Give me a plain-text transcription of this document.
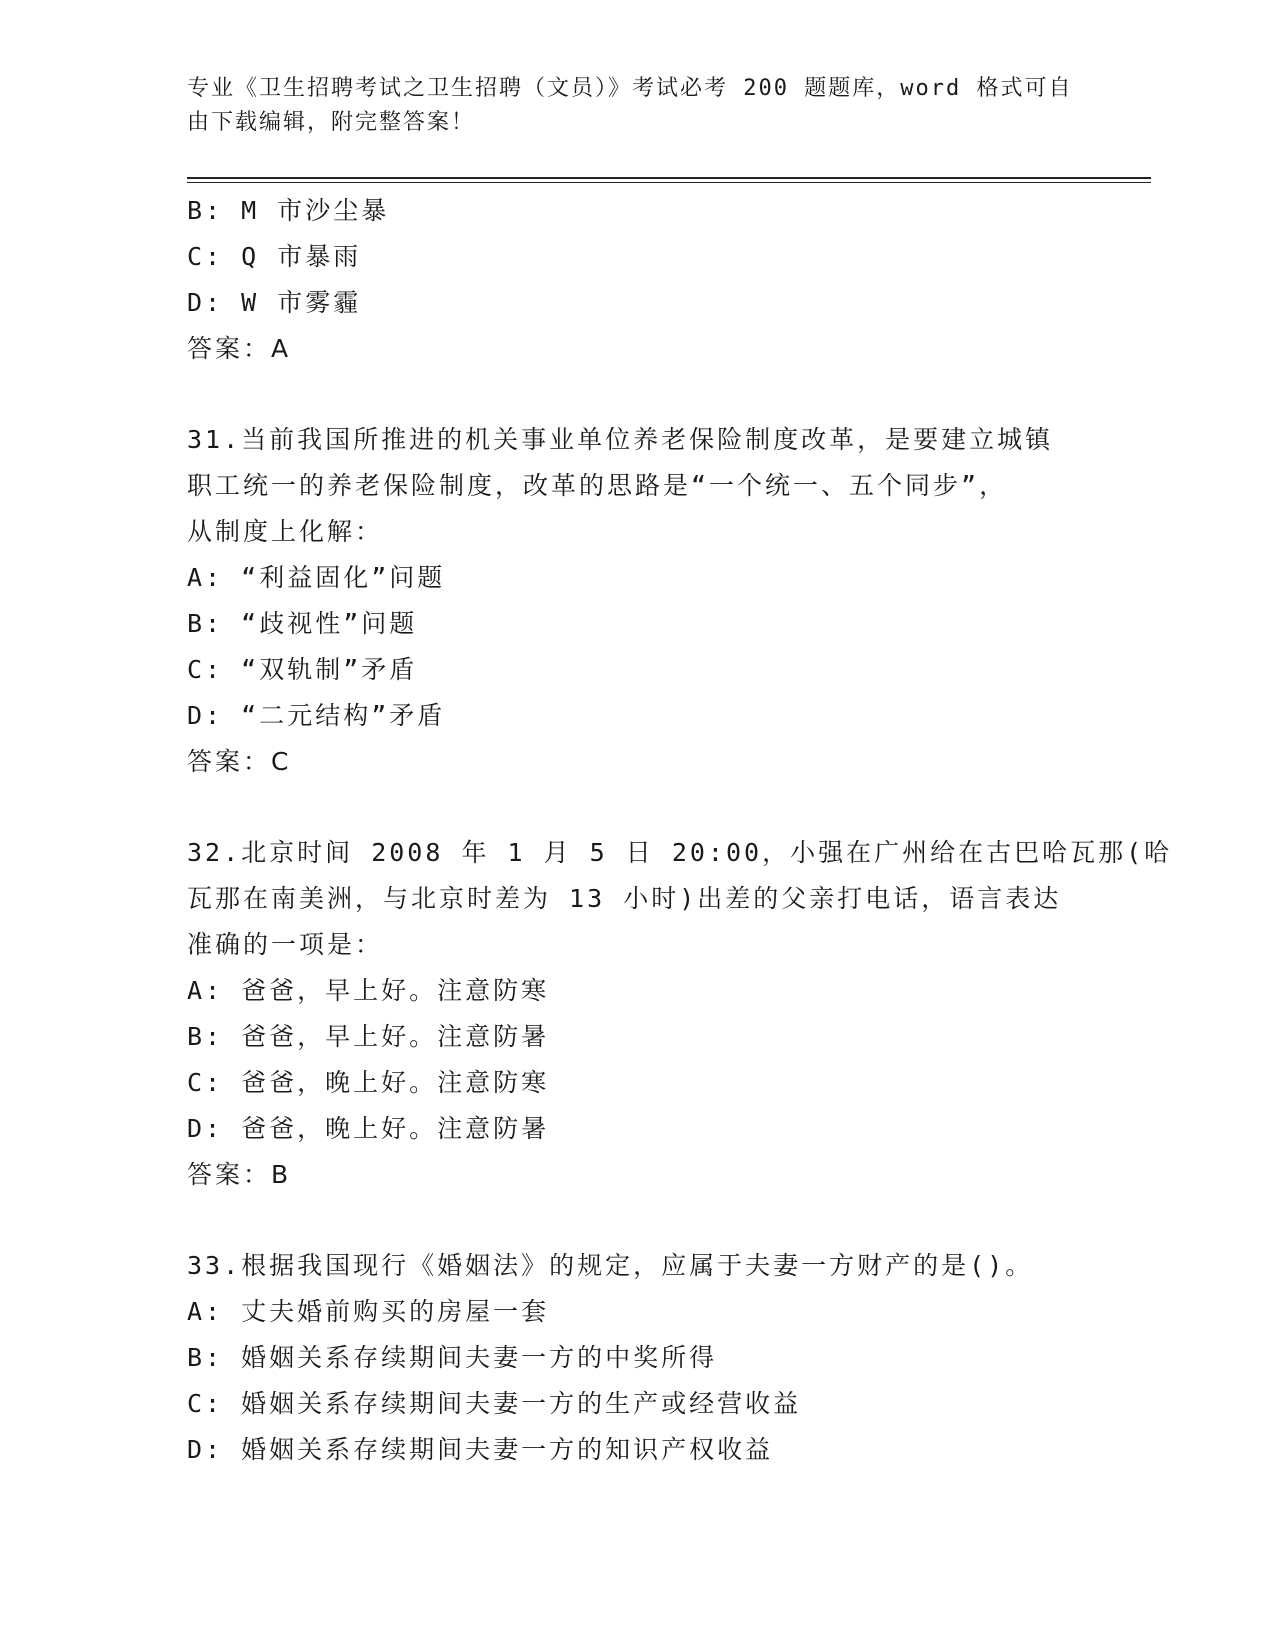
专业《卫生招聘考试之卫生招聘（文员）》考试必考 200 题题库，word 格式可自
由下载编辑，附完整答案！
B: M 市沙尘暴
C: Q 市暴雨
D: W 市雾霾
答案：A
31.当前我国所推进的机关事业单位养老保险制度改革，是要建立城镇
职工统一的养老保险制度，改革的思路是“一个统一、五个同步”，
从制度上化解：
A: “利益固化”问题
B: “歧视性”问题
C: “双轨制”矛盾
D: “二元结构”矛盾
答案：C
32.北京时间 2008 年 1 月 5 日 20:00，小强在广州给在古巴哈瓦那(哈
瓦那在南美洲，与北京时差为 13 小时)出差的父亲打电话，语言表达
准确的一项是：
A: 爸爸，早上好。注意防寒
B: 爸爸，早上好。注意防暑
C: 爸爸，晚上好。注意防寒
D: 爸爸，晚上好。注意防暑
答案：B
33.根据我国现行《婚姻法》的规定，应属于夫妻一方财产的是()。
A: 丈夫婚前购买的房屋一套
B: 婚姻关系存续期间夫妻一方的中奖所得
C: 婚姻关系存续期间夫妻一方的生产或经营收益
D: 婚姻关系存续期间夫妻一方的知识产权收益
